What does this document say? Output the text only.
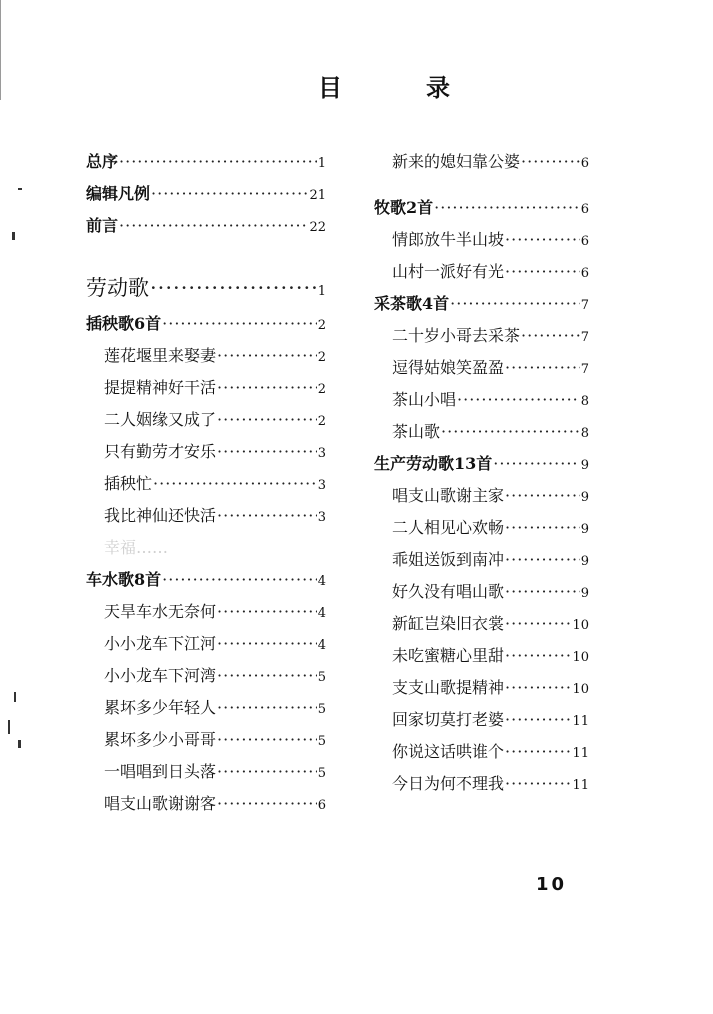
目　录
总序 ·····	1
编辑凡例 ·····	21
前言 ·····	22
劳动歌 ·····	1
插秧歌6首 ·····	2
莲花堰里来娶妻 ·····	2
提提精神好干活 ·····	2
二人姻缘又成了 ·····	2
只有勤劳才安乐 ·····	3
插秧忙 ·····	3
我比神仙还快活 ·····	3
幸福……
车水歌8首 ·····	4
天旱车水无奈何 ·····	4
小小龙车下江河 ·····	4
小小龙车下河湾 ·····	5
累坏多少年轻人 ·····	5
累坏多少小哥哥 ·····	5
一唱唱到日头落 ·····	5
唱支山歌谢谢客 ·····	6
新来的媳妇靠公婆 ·····	6
牧歌2首 ·····	6
情郎放牛半山坡 ·····	6
山村一派好有光 ·····	6
采茶歌4首 ·····	7
二十岁小哥去采茶 ·····	7
逗得姑娘笑盈盈 ·····	7
茶山小唱 ·····	8
茶山歌 ·····	8
生产劳动歌13首 ·····	9
唱支山歌谢主家 ·····	9
二人相见心欢畅 ·····	9
乖姐送饭到南冲 ·····	9
好久没有唱山歌 ·····	9
新缸岂染旧衣裳 ·····	10
未吃蜜糖心里甜 ·····	10
支支山歌提精神 ·····	10
回家切莫打老婆 ·····	11
你说这话哄谁个 ·····	11
今日为何不理我 ·····	11
10
